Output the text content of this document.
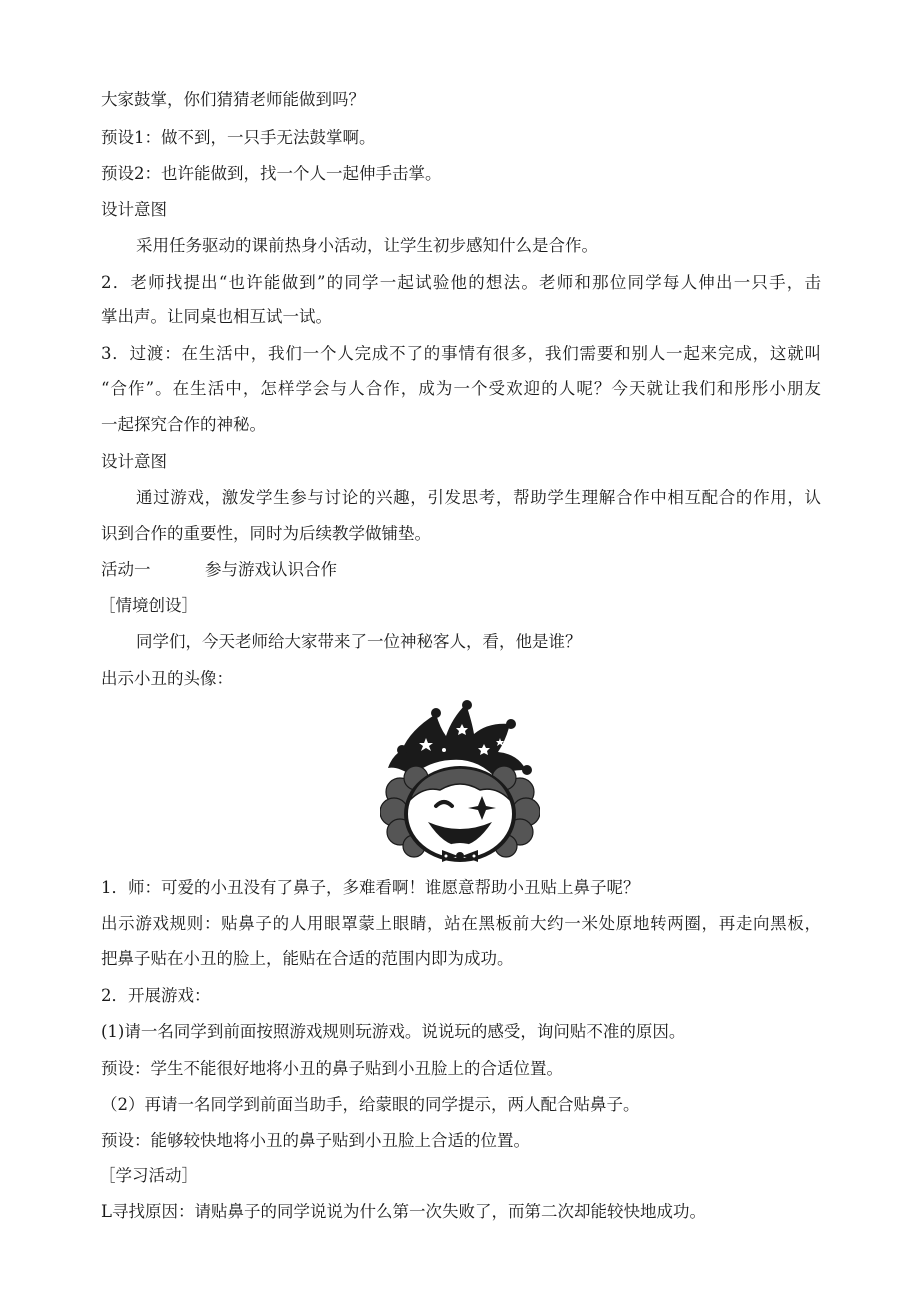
大家鼓掌，你们猜猜老师能做到吗？
预设1：做不到，一只手无法鼓掌啊。
预设2：也许能做到，找一个人一起伸手击掌。
设计意图
采用任务驱动的课前热身小活动，让学生初步感知什么是合作。
2．老师找提出“也许能做到”的同学一起试验他的想法。老师和那位同学每人伸出一只手，击
掌出声。让同桌也相互试一试。
3．过渡：在生活中，我们一个人完成不了的事情有很多，我们需要和别人一起来完成，这就叫
“合作”。在生活中，怎样学会与人合作，成为一个受欢迎的人呢？今天就让我们和彤彤小朋友
一起探究合作的神秘。
设计意图
通过游戏，激发学生参与讨论的兴趣，引发思考，帮助学生理解合作中相互配合的作用，认
识到合作的重要性，同时为后续教学做铺垫。
活动一	参与游戏认识合作
［情境创设］
同学们，今天老师给大家带来了一位神秘客人，看，他是谁？
出示小丑的头像：
1．师：可爱的小丑没有了鼻子，多难看啊！谁愿意帮助小丑贴上鼻子呢？
出示游戏规则：贴鼻子的人用眼罩蒙上眼睛，站在黑板前大约一米处原地转两圈，再走向黑板，
把鼻子贴在小丑的脸上，能贴在合适的范围内即为成功。
2．开展游戏：
(1)请一名同学到前面按照游戏规则玩游戏。说说玩的感受，询问贴不准的原因。
预设：学生不能很好地将小丑的鼻子贴到小丑脸上的合适位置。
（2）再请一名同学到前面当助手，给蒙眼的同学提示，两人配合贴鼻子。
预设：能够较快地将小丑的鼻子贴到小丑脸上合适的位置。
［学习活动］
L寻找原因：请贴鼻子的同学说说为什么第一次失败了，而第二次却能较快地成功。
